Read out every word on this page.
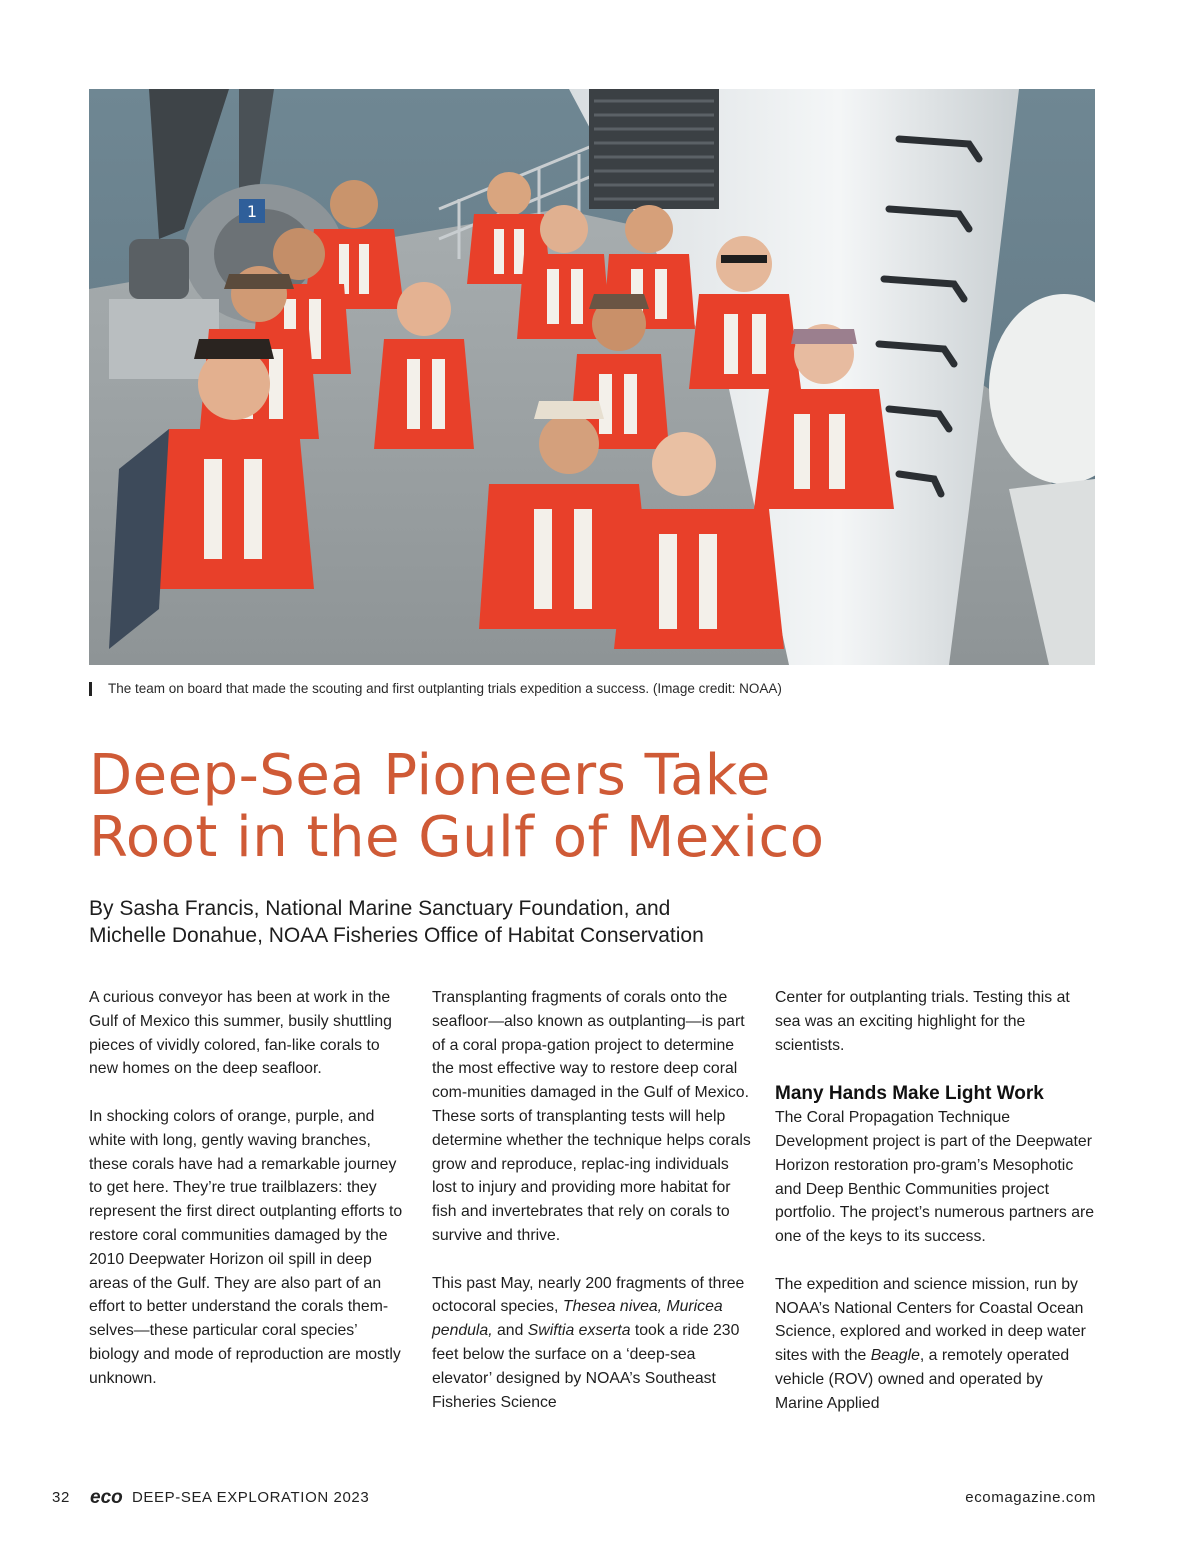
1
The team on board that made the scouting and first outplanting trials expedition a success. (Image credit: NOAA)
Deep-Sea Pioneers Take
Root in the Gulf of Mexico

By Sasha Francis, National Marine Sanctuary Foundation, and
Michelle Donahue, NOAA Fisheries Office of Habitat Conservation

A curious conveyor has been at work in the Gulf of Mexico this summer, busily shuttling pieces of vividly colored, fan-like corals to new homes on the deep seafloor.

In shocking colors of orange, purple, and white with long, gently waving branches, these corals have had a remarkable journey to get here. They’re true trailblazers: they represent the first direct outplanting efforts to restore coral communities damaged by the 2010 Deepwater Horizon oil spill in deep areas of the Gulf. They are also part of an effort to better understand the corals them-selves—these particular coral species’ biology and mode of reproduction are mostly unknown.

Transplanting fragments of corals onto the seafloor—also known as outplanting—is part of a coral propa-gation project to determine the most effective way to restore deep coral com-munities damaged in the Gulf of Mexico. These sorts of transplanting tests will help determine whether the technique helps corals grow and reproduce, replac-ing individuals lost to injury and providing more habitat for fish and invertebrates that rely on corals to survive and thrive.

This past May, nearly 200 fragments of three octocoral species, Thesea nivea, Muricea pendula, and Swiftia exserta took a ride 230 feet below the surface on a ‘deep-sea elevator’ designed by NOAA’s Southeast Fisheries Science

Center for outplanting trials. Testing this at sea was an exciting highlight for the scientists.

Many Hands Make Light Work

The Coral Propagation Technique Development project is part of the Deepwater Horizon restoration pro-gram’s Mesophotic and Deep Benthic Communities project portfolio. The project’s numerous partners are one of the keys to its success.

The expedition and science mission, run by NOAA’s National Centers for Coastal Ocean Science, explored and worked in deep water sites with the Beagle, a remotely operated vehicle (ROV) owned and operated by Marine Applied

32 eco DEEP-SEA EXPLORATION 2023	ecomagazine.com
